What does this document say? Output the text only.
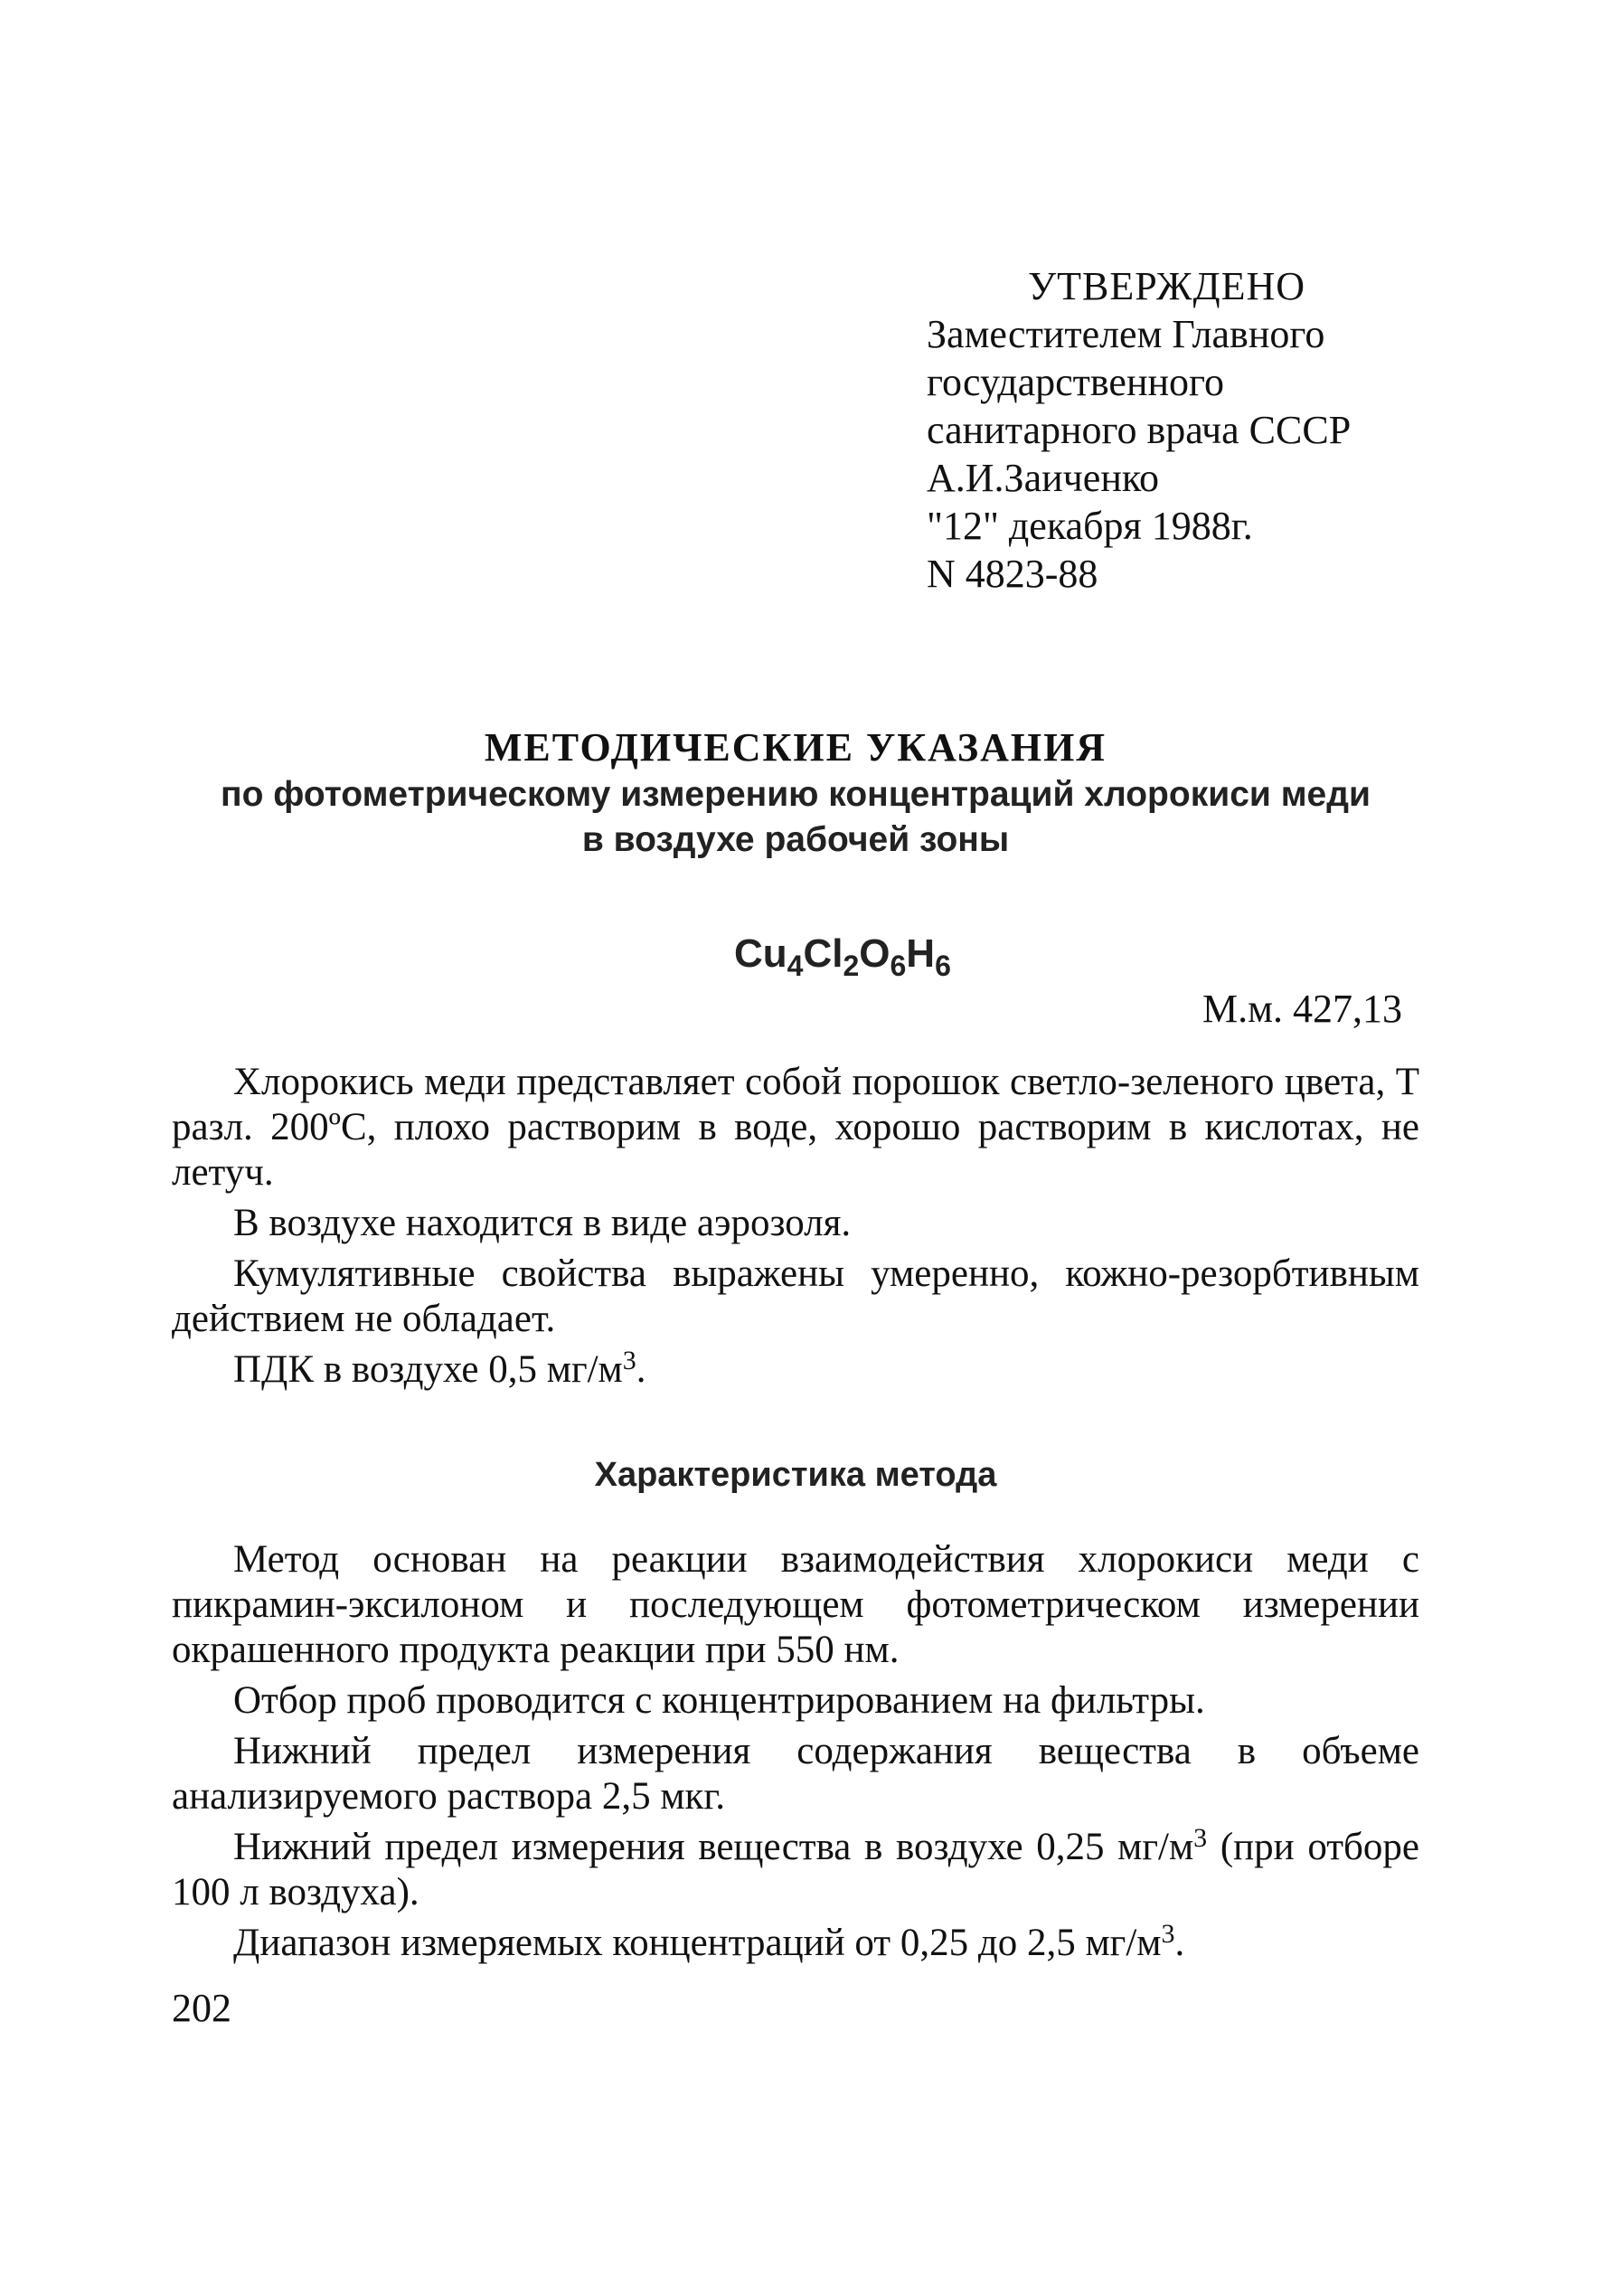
УТВЕРЖДЕНО
Заместителем Главного
государственного
санитарного врача СССР
А.И.Заиченко
"12" декабря 1988г.
N 4823-88
МЕТОДИЧЕСКИЕ УКАЗАНИЯ
по фотометрическому измерению концентраций хлорокиси меди
в воздухе рабочей зоны
$Cu_4Cl_2O_6H_6$
М.м. 427,13

Хлорокись меди представляет собой порошок светло-зеленого цвета, Т разл. 200ºС, плохо растворим в воде, хорошо растворим в кислотах, не летуч.

В воздухе находится в виде аэрозоля.

Кумулятивные свойства выражены умеренно, кожно-резорбтивным действием не обладает.

ПДК в воздухе 0,5 $мг/м^3$.

Характеристика метода

Метод основан на реакции взаимодействия хлорокиси меди с пикрамин-эксилоном и последующем фотометрическом измерении окрашенного продукта реакции при 550 нм.

Отбор проб проводится с концентрированием на фильтры.

Нижний предел измерения содержания вещества в объеме анализируемого раствора 2,5 мкг.

Нижний предел измерения вещества в воздухе 0,25 $мг/м^3$ (при отборе 100 л воздуха).

Диапазон измеряемых концентраций от 0,25 до 2,5 $мг/м^3$.

202
